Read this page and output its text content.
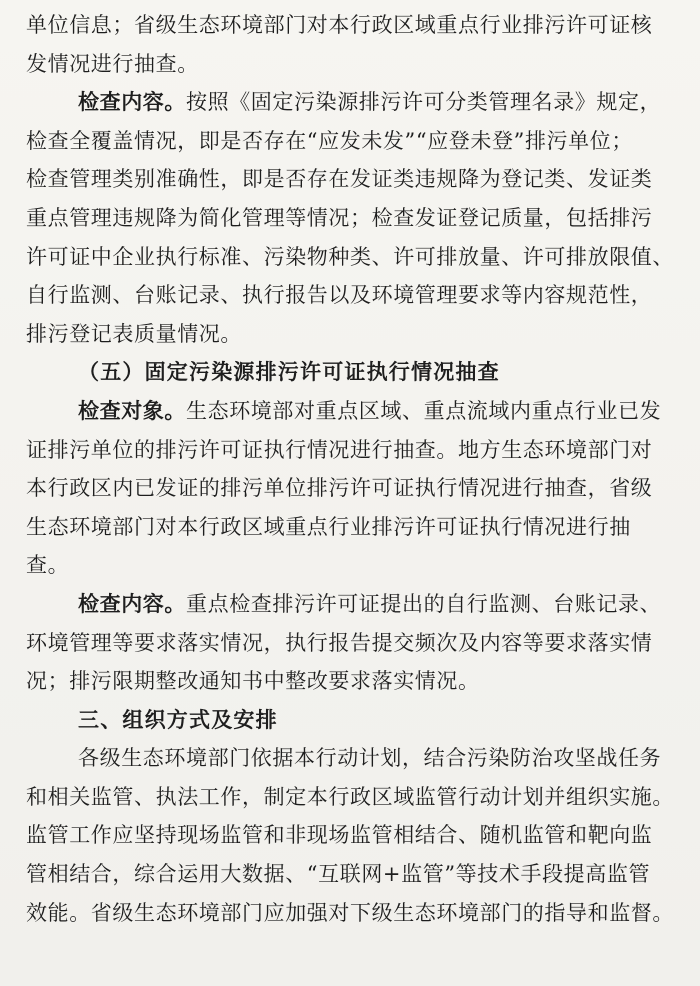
单位信息；省级生态环境部门对本行政区域重点行业排污许可证核
发情况进行抽查。
检查内容。按照《固定污染源排污许可分类管理名录》规定，
检查全覆盖情况，即是否存在“应发未发”“应登未登”排污单位；
检查管理类别准确性，即是否存在发证类违规降为登记类、发证类
重点管理违规降为简化管理等情况；检查发证登记质量，包括排污
许可证中企业执行标准、污染物种类、许可排放量、许可排放限值、
自行监测、台账记录、执行报告以及环境管理要求等内容规范性，
排污登记表质量情况。
（五）固定污染源排污许可证执行情况抽查
检查对象。生态环境部对重点区域、重点流域内重点行业已发
证排污单位的排污许可证执行情况进行抽查。地方生态环境部门对
本行政区内已发证的排污单位排污许可证执行情况进行抽查，省级
生态环境部门对本行政区域重点行业排污许可证执行情况进行抽
查。
检查内容。重点检查排污许可证提出的自行监测、台账记录、
环境管理等要求落实情况，执行报告提交频次及内容等要求落实情
况；排污限期整改通知书中整改要求落实情况。
三、组织方式及安排
各级生态环境部门依据本行动计划，结合污染防治攻坚战任务
和相关监管、执法工作，制定本行政区域监管行动计划并组织实施。
监管工作应坚持现场监管和非现场监管相结合、随机监管和靶向监
管相结合，综合运用大数据、“互联网+监管”等技术手段提高监管
效能。省级生态环境部门应加强对下级生态环境部门的指导和监督。
